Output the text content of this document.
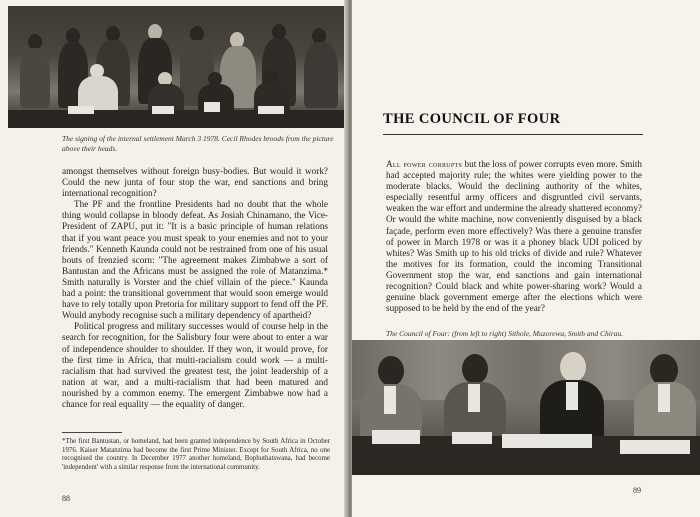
The signing of the internal settlement March 3 1978. Cecil Rhodes broods from the picture above their heads.

amongst themselves without foreign busy-bodies. But would it work? Could the new junta of four stop the war, end sanctions and bring international recognition?

The PF and the frontline Presidents had no doubt that the whole thing would collapse in bloody defeat. As Josiah Chinamano, the Vice-President of ZAPU, put it: "It is a basic principle of human relations that if you want peace you must speak to your enemies and not to your friends." Kenneth Kaunda could not be restrained from one of his usual bouts of frenzied scorn: "The agreement makes Zimbabwe a sort of Bantustan and the Africans must be assigned the role of Matanzima.* Smith naturally is Vorster and the chief villain of the piece." Kaunda had a point: the transitional government that would soon emerge would have to rely totally upon Pretoria for military support to fend off the PF. Would anybody recognise such a military dependency of apartheid?

Political progress and military successes would of course help in the search for recognition, for the Salisbury four were about to enter a war of independence shoulder to shoulder. If they won, it would prove, for the first time in Africa, that multi-racialism could work — a multi-racialism that had survived the greatest test, the joint leadership of a nation at war, and a multi-racialism that had been matured and nourished by a common enemy. The emergent Zimbabwe now had a chance for real equality — the equality of danger.

*The first Bantustan, or homeland, had been granted independence by South Africa in October 1976. Kaiser Matanzima had become the first Prime Minister. Except for South Africa, no one recognised the country. In December 1977 another homeland, Bophuthatswana, had become 'independent' with a similar response from the international community.
88
THE COUNCIL OF FOUR

All power corrupts but the loss of power corrupts even more. Smith had accepted majority rule; the whites were yielding power to the moderate blacks. Would the declining authority of the whites, especially resentful army officers and disgruntled civil servants, weaken the war effort and undermine the already shattered economy? Or would the white machine, now conveniently disguised by a black façade, perform even more effectively? Was there a genuine transfer of power in March 1978 or was it a phoney black UDI policed by whites? Was Smith up to his old tricks of divide and rule? Whatever the motives for its formation, could the incoming Transitional Government stop the war, end sanctions and gain international recognition? Could black and white power-sharing work? Would a genuine black government emerge after the elections which were supposed to be held by the end of the year?

The Council of Four: (from left to right) Sithole, Muzorewa, Smith and Chirau.
89
